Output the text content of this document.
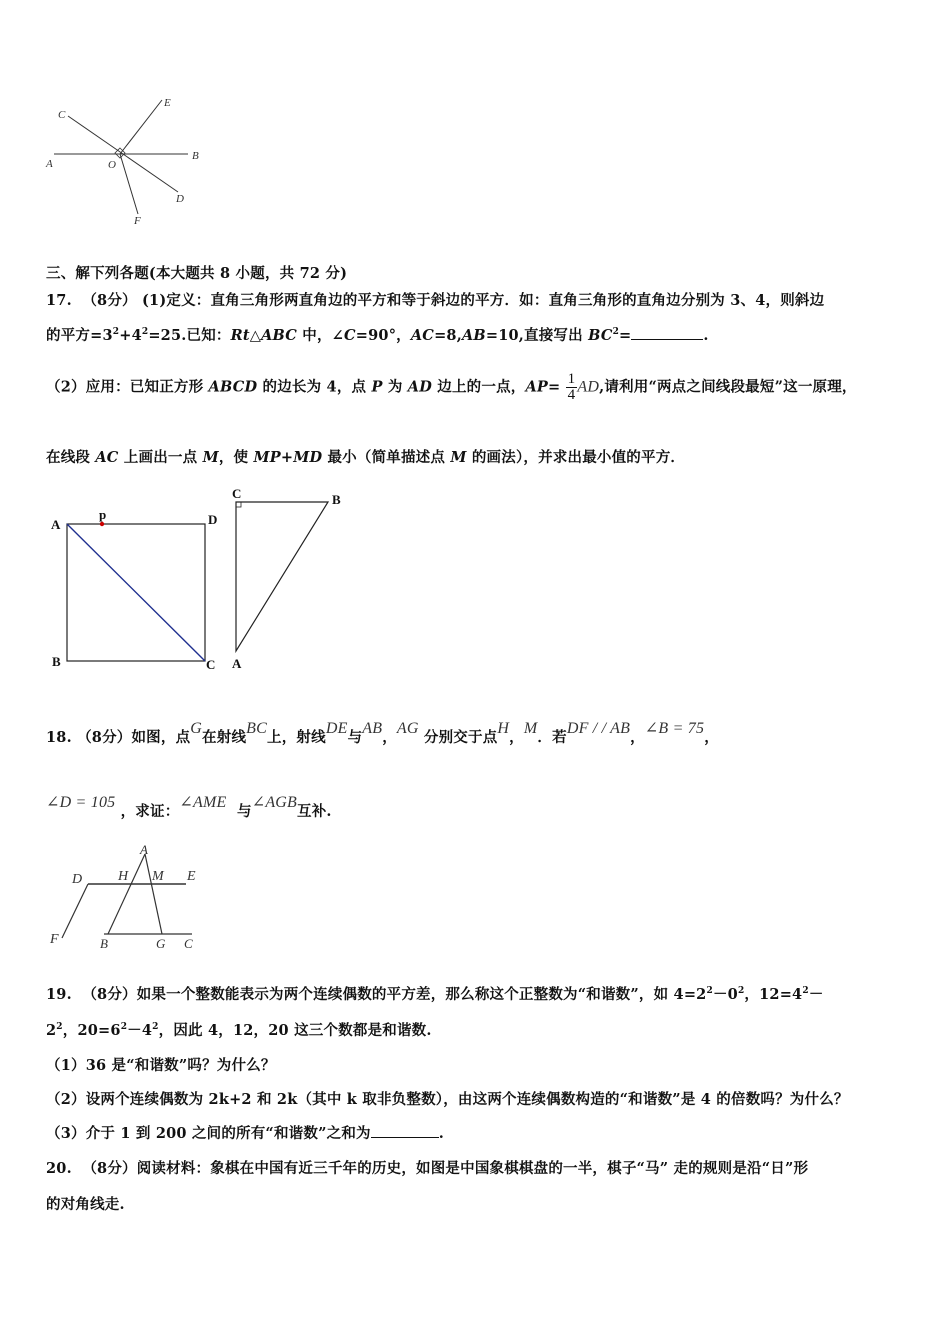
A
B
C
D
E
F
O
三、解下列各题(本大题共 8 小题，共 72 分)
17. （8分） (1)定义：直角三角形两直角边的平方和等于斜边的平方．如：直角三角形的直角边分别为 3、4，则斜边
的平方$=3^2+4^2=25$.已知：Rt△ABC 中，∠C=90°，AC=8,AB=10,直接写出 $BC^2=$	.
（2）应用：已知正方形 ABCD 的边长为 4，点 P 为 AD 边上的一点，$AP= \frac{1}{4}$ AD,请利用“两点之间线段最短”这一原理，
在线段 AC 上画出一点 M，使 MP+MD 最小（简单描述点 M 的画法），并求出最小值的平方．
A
p	D
B	C
C	B
A
18. （8分）如图，点G在射线BC上，射线DE与AB，AG 分别交于点H，M．若DF / / AB，∠B = 75，
∠D = 105 ，求证：∠AME  与∠AGB互补.
A
D	H M E
F	B	G C
19. （8分）如果一个整数能表示为两个连续偶数的平方差，那么称这个正整数为“和谐数”，如 $4=2^2-0^2$，$12=4^2-$
$2^2$，$20=6^2-4^2$，因此 4，12，20 这三个数都是和谐数.
（1）36 是“和谐数”吗？为什么？
（2）设两个连续偶数为 2k+2 和 2k（其中 k 取非负整数），由这两个连续偶数构造的“和谐数”是 4 的倍数吗？为什么？
（3）介于 1 到 200 之间的所有“和谐数”之和为	.
20. （8分）阅读材料：象棋在中国有近三千年的历史，如图是中国象棋棋盘的一半，棋子“马” 走的规则是沿“日”形
的对角线走.
